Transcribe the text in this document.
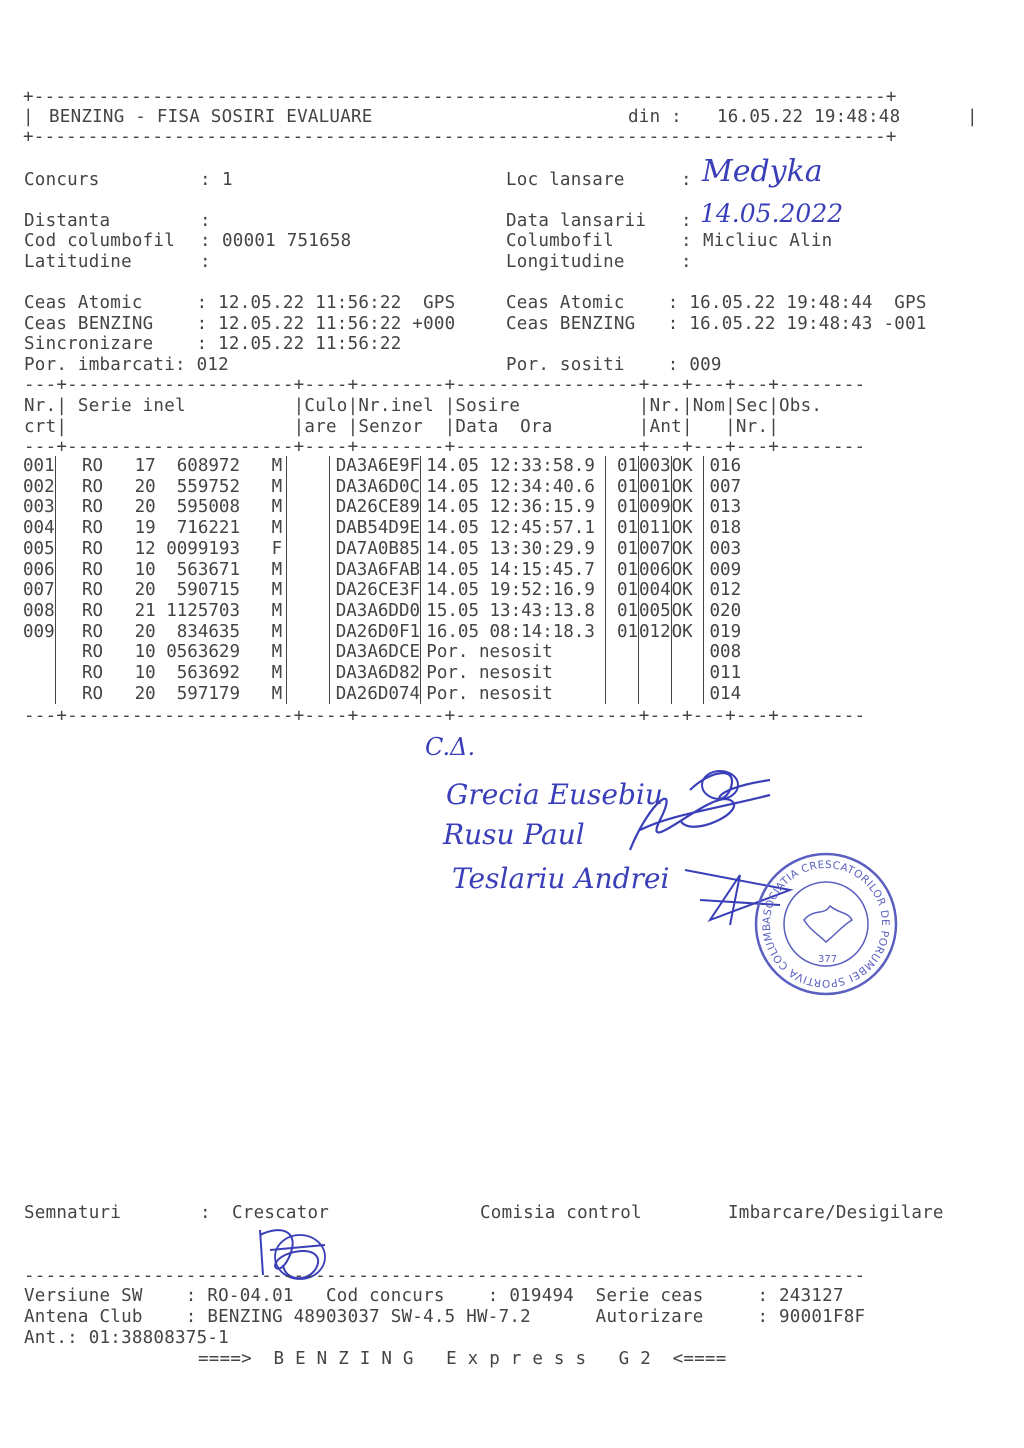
+-------------------------------------------------------------------------------+
| BENZING - FISA SOSIRI EVALUARE	din : 16.05.22 19:48:48	|
+-------------------------------------------------------------------------------+
Concurs	: 1	Loc lansare	: Medyka
Distanta	:	Data lansarii : 14.05.2022
Cod columbofil : 00001 751658	Columbofil	: Micliuc Alin
Latitudine	:	Longitudine	:
Ceas Atomic     : 12.05.22 11:56:22  GPS
Ceas BENZING    : 12.05.22 11:56:22 +000
Sincronizare    : 12.05.22 11:56:22
Por. imbarcati: 012
Ceas Atomic    : 16.05.22 19:48:44  GPS
Ceas BENZING   : 16.05.22 19:48:43 -001
Por. sositi    : 009
---+---------------------+----+--------+-----------------+---+---+---+--------
Nr.| Serie inel          |Culo|Nr.inel |Sosire           |Nr.|Nom|Sec|Obs.
crt|                     |are |Senzor  |Data  Ora        |Ant|   |Nr.|
---+---------------------+----+--------+-----------------+---+---+---+--------
001	RO   17  608972   M		DA3A6E9F	14.05 12:33:58.9	01	003	OK	016
002	RO   20  559752   M		DA3A6D0C	14.05 12:34:40.6	01	001	OK	007
003	RO   20  595008   M		DA26CE89	14.05 12:36:15.9	01	009	OK	013
004	RO   19  716221   M		DAB54D9E	14.05 12:45:57.1	01	011	OK	018
005	RO   12 0099193   F		DA7A0B85	14.05 13:30:29.9	01	007	OK	003
006	RO   10  563671   M		DA3A6FAB	14.05 14:15:45.7	01	006	OK	009
007	RO   20  590715   M		DA26CE3F	14.05 19:52:16.9	01	004	OK	012
008	RO   21 1125703   M		DA3A6DD0	15.05 13:43:13.8	01	005	OK	020
009	RO   20  834635   M		DA26D0F1	16.05 08:14:18.3	01	012	OK	019
	RO   10 0563629   M		DA3A6DCE	Por. nesosit				008
	RO   10  563692   M		DA3A6D82	Por. nesosit				011
	RO   20  597179   M		DA26D074	Por. nesosit				014
---+---------------------+----+--------+-----------------+---+---+---+--------
C.Δ.
Grecia Eusebiu
Rusu Paul
Teslariu Andrei
ASOCIATIA CRESCATORILOR DE PORUMBEI SPORTIVA COLUMBOFILA VASLUI
377
Semnaturi	: Crescator	Comisia control	Imbarcare/Desigilare
------------------------------------------------------------------------------
Versiune SW    : RO-04.01   Cod concurs    : 019494  Serie ceas     : 243127
Antena Club    : BENZING 48903037 SW-4.5 HW-7.2      Autorizare     : 90001F8F
Ant.: 01:38808375-1
====>  B E N Z I N G   E x p r e s s   G 2  <====
